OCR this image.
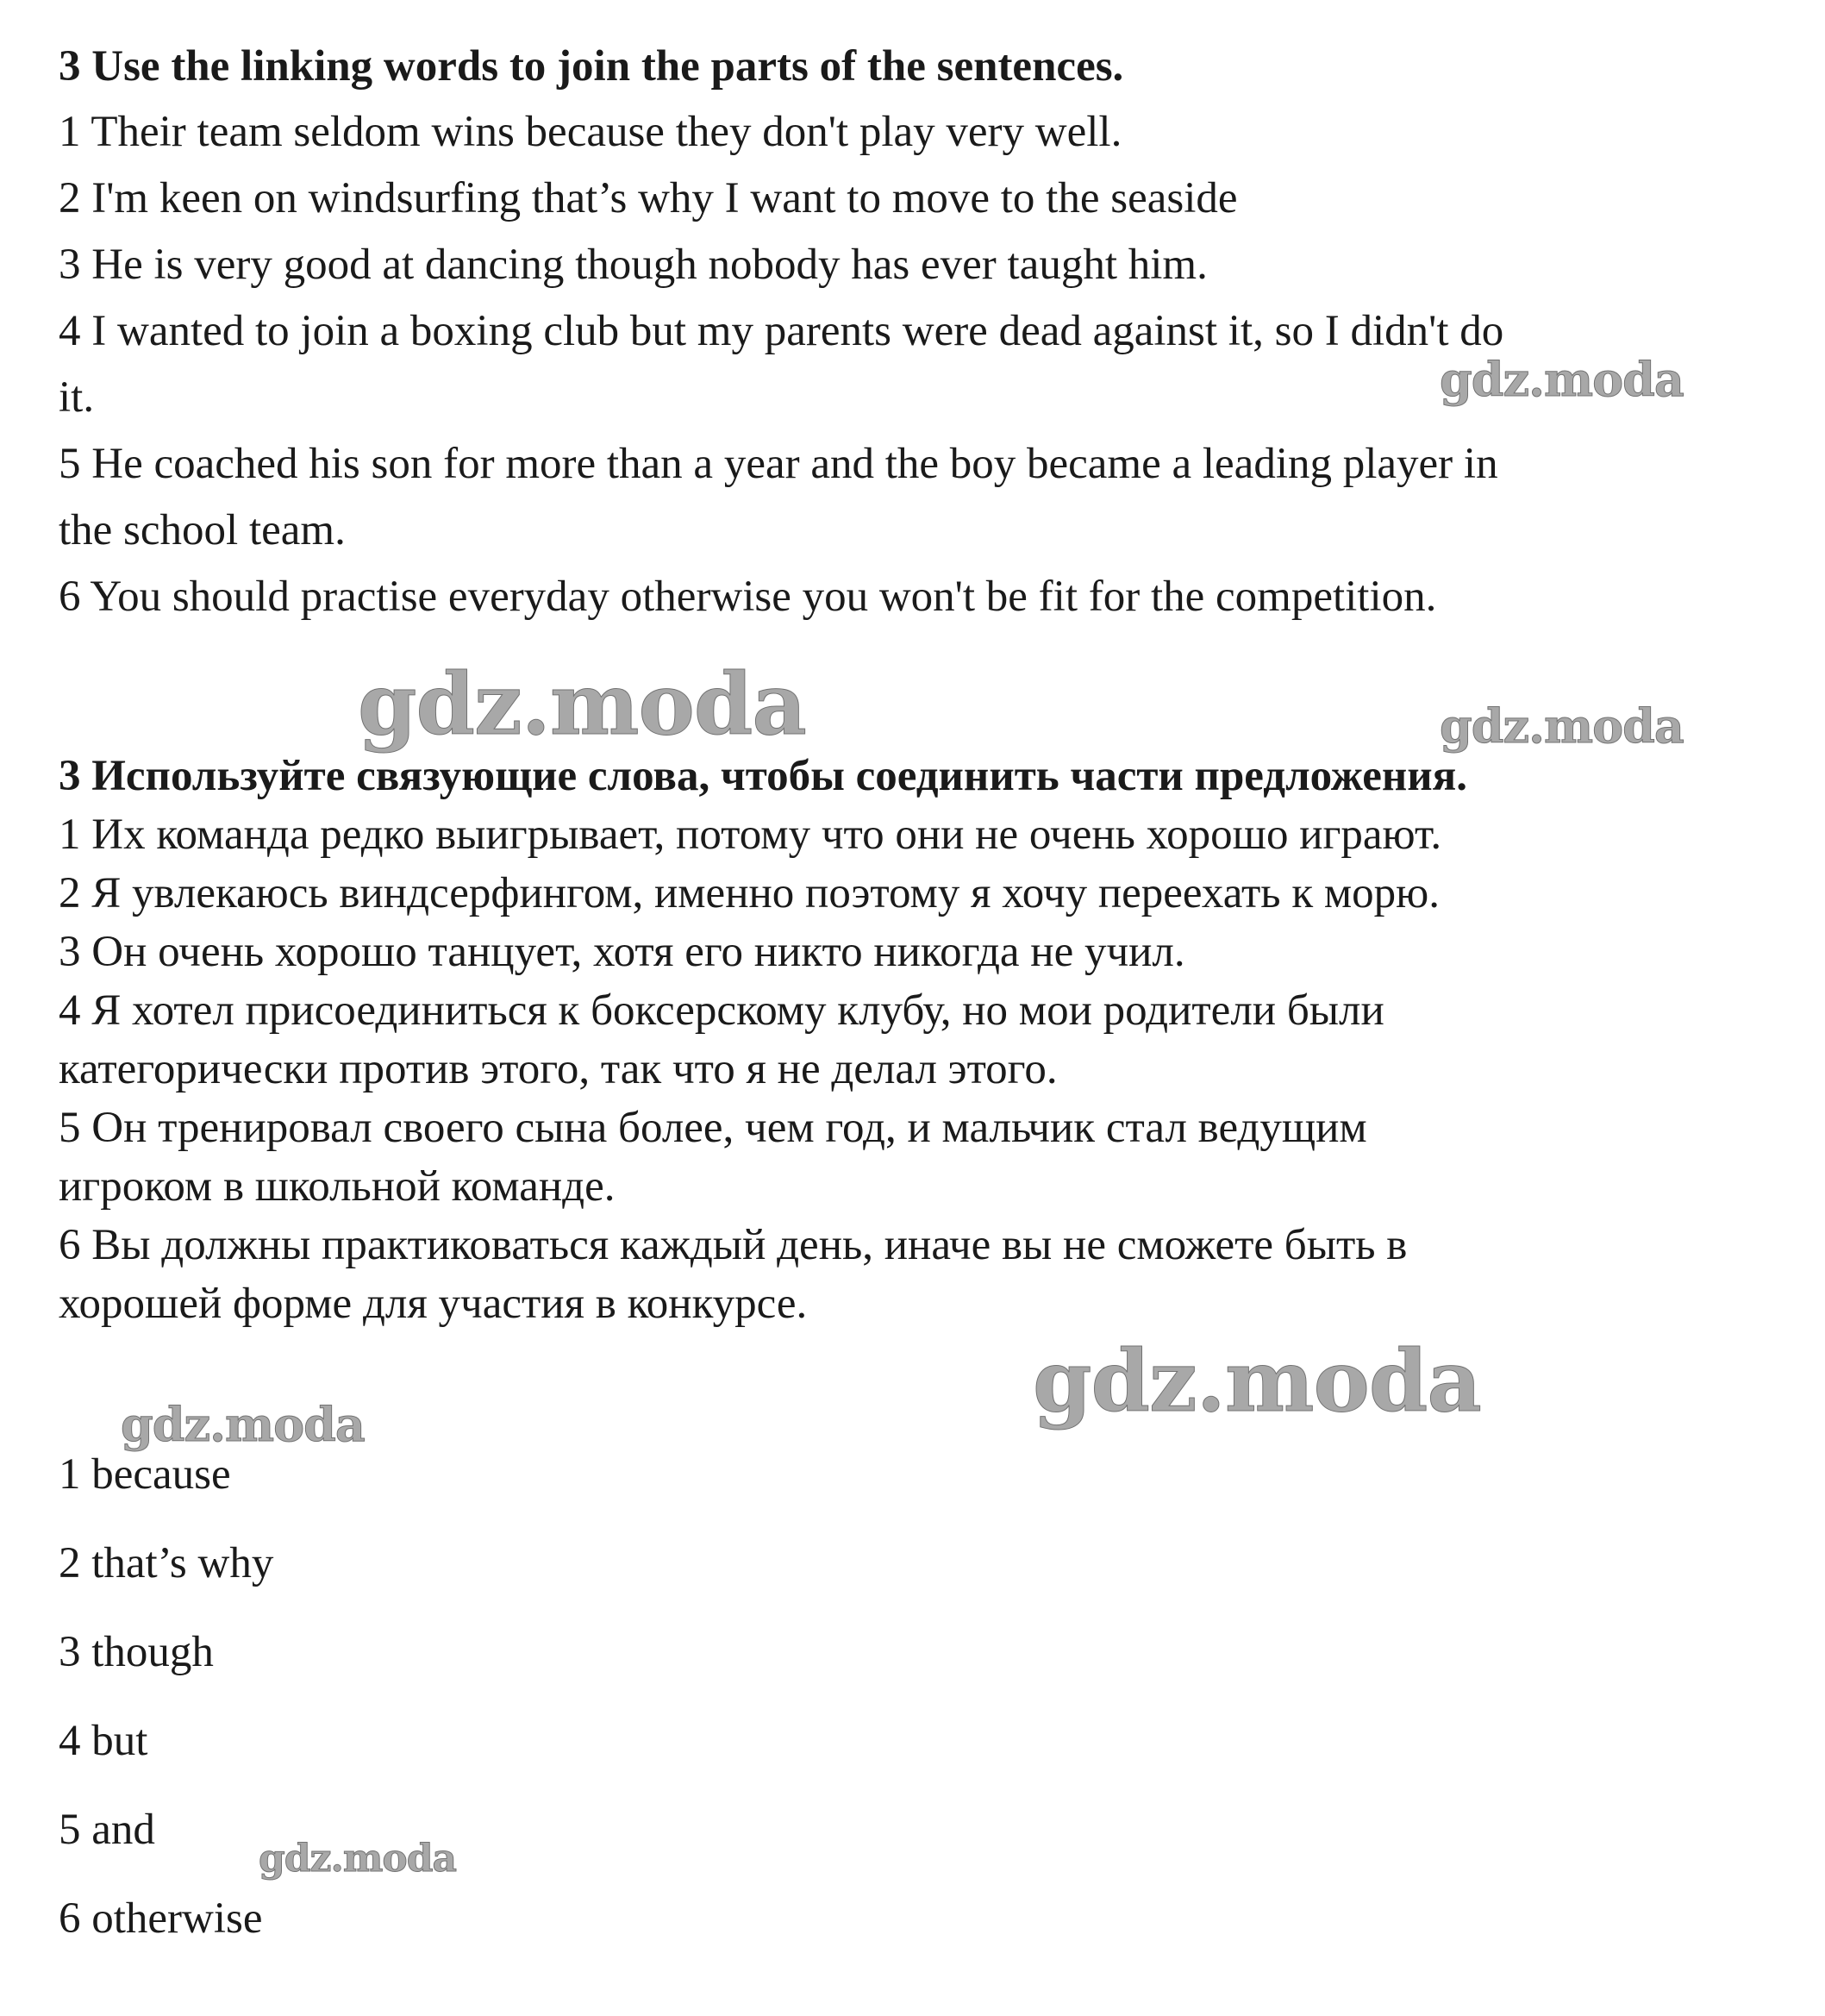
3 Use the linking words to join the parts of the sentences.

1 Their team seldom wins because they don't play very well.

2 I'm keen on windsurfing that’s why I want to move to the seaside

3 He is very good at dancing though nobody has ever taught him.

4 I wanted to join a boxing club but my parents were dead against it, so I didn't do

it.

5 He coached his son for more than a year and the boy became a leading player in

the school team.

6 You should practise everyday otherwise you won't be fit for the competition.

3 Используйте связующие слова, чтобы соединить части предложения.

1 Их команда редко выигрывает, потому что они не очень хорошо играют.

2 Я увлекаюсь виндсерфингом, именно поэтому я хочу переехать к морю.

3 Он очень хорошо танцует, хотя его никто никогда не учил.

4 Я хотел присоединиться к боксерскому клубу, но мои родители были

категорически против этого, так что я не делал этого.

5 Он тренировал своего сына более, чем год, и мальчик стал ведущим

игроком в школьной команде.

6 Вы должны практиковаться каждый день, иначе вы не сможете быть в

хорошей форме для участия в конкурсе.

1 because

2 that’s why

3 though

4 but

5 and

6 otherwise

gdz.moda
gdz.moda	gdz.moda
gdz.moda
gdz.moda
gdz.moda
